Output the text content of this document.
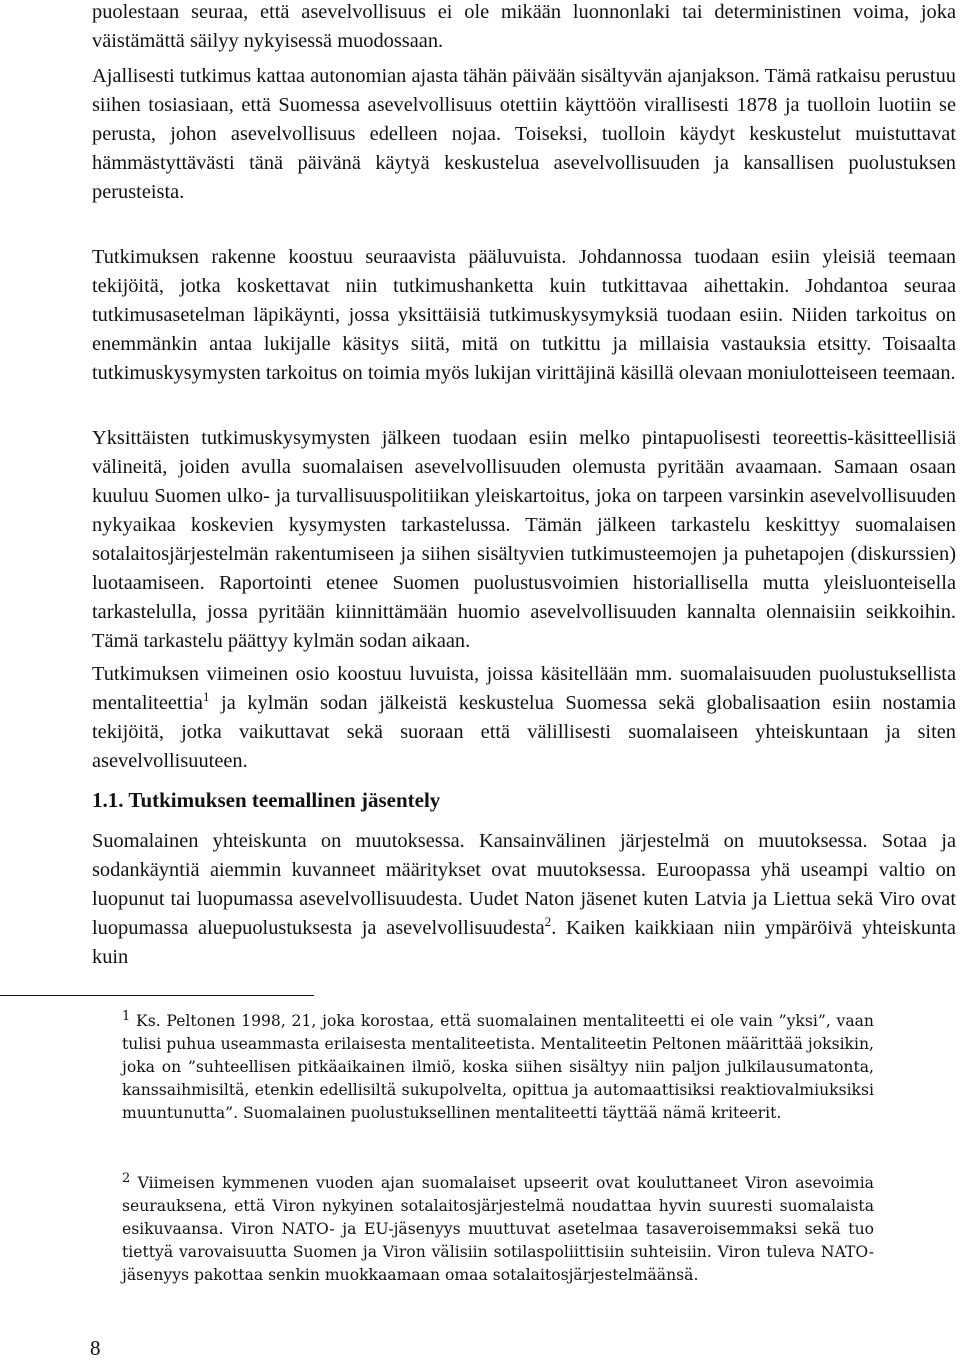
puolestaan seuraa, että asevelvollisuus ei ole mikään luonnonlaki tai deterministinen voima, joka väistämättä säilyy nykyisessä muodossaan.

Ajallisesti tutkimus kattaa autonomian ajasta tähän päivään sisältyvän ajanjakson. Tämä ratkaisu perustuu siihen tosiasiaan, että Suomessa asevelvollisuus otettiin käyttöön virallisesti 1878 ja tuolloin luotiin se perusta, johon asevelvollisuus edelleen nojaa. Toiseksi, tuolloin käydyt keskustelut muistuttavat hämmästyttävästi tänä päivänä käytyä keskustelua asevelvollisuuden ja kansallisen puolustuksen perusteista.

Tutkimuksen rakenne koostuu seuraavista pääluvuista. Johdannossa tuodaan esiin yleisiä teemaan tekijöitä, jotka koskettavat niin tutkimushanketta kuin tutkittavaa aihettakin. Johdantoa seuraa tutkimusasetelman läpikäynti, jossa yksittäisiä tutkimuskysymyksiä tuodaan esiin. Niiden tarkoitus on enemmänkin antaa lukijalle käsitys siitä, mitä on tutkittu ja millaisia vastauksia etsitty. Toisaalta tutkimuskysymysten tarkoitus on toimia myös lukijan virittäjinä käsillä olevaan moniulotteiseen teemaan.

Yksittäisten tutkimuskysymysten jälkeen tuodaan esiin melko pintapuolisesti teoreettis-käsitteellisiä välineitä, joiden avulla suomalaisen asevelvollisuuden olemusta pyritään avaamaan. Samaan osaan kuuluu Suomen ulko- ja turvallisuuspolitiikan yleiskartoitus, joka on tarpeen varsinkin asevelvollisuuden nykyaikaa koskevien kysymysten tarkastelussa. Tämän jälkeen tarkastelu keskittyy suomalaisen sotalaitosjärjestelmän rakentumiseen ja siihen sisältyvien tutkimusteemojen ja puhetapojen (diskurssien) luotaamiseen. Raportointi etenee Suomen puolustusvoimien historiallisella mutta yleisluonteisella tarkastelulla, jossa pyritään kiinnittämään huomio asevelvollisuuden kannalta olennaisiin seikkoihin. Tämä tarkastelu päättyy kylmän sodan aikaan.

Tutkimuksen viimeinen osio koostuu luvuista, joissa käsitellään mm. suomalaisuuden puolustuksellista mentaliteettia$^1$ ja kylmän sodan jälkeistä keskustelua Suomessa sekä globalisaation esiin nostamia tekijöitä, jotka vaikuttavat sekä suoraan että välillisesti suomalaiseen yhteiskuntaan ja siten asevelvollisuuteen.

1.1. Tutkimuksen teemallinen jäsentely

Suomalainen yhteiskunta on muutoksessa. Kansainvälinen järjestelmä on muutoksessa. Sotaa ja sodankäyntiä aiemmin kuvanneet määritykset ovat muutoksessa. Euroopassa yhä useampi valtio on luopunut tai luopumassa asevelvollisuudesta. Uudet Naton jäsenet kuten Latvia ja Liettua sekä Viro ovat luopumassa aluepuolustuksesta ja asevelvollisuudesta$^2$. Kaiken kaikkiaan niin ympäröivä yhteiskunta kuin

$^1$ Ks. Peltonen 1998, 21, joka korostaa, että suomalainen mentaliteetti ei ole vain ”yksi”, vaan tulisi puhua useammasta erilaisesta mentaliteetista. Mentaliteetin Peltonen määrittää joksikin, joka on ”suhteellisen pitkäaikainen ilmiö, koska siihen sisältyy niin paljon julkilausumatonta, kanssaihmisiltä, etenkin edellisiltä sukupolvelta, opittua ja automaattisiksi reaktiovalmiuksiksi muuntunutta”. Suomalainen puolustuksellinen mentaliteetti täyttää nämä kriteerit.

$^2$ Viimeisen kymmenen vuoden ajan suomalaiset upseerit ovat kouluttaneet Viron asevoimia seurauksena, että Viron nykyinen sotalaitosjärjestelmä noudattaa hyvin suuresti suomalaista esikuvaansa. Viron NATO- ja EU-jäsenyys muuttuvat asetelmaa tasaveroisemmaksi sekä tuo tiettyä varovaisuutta Suomen ja Viron välisiin sotilaspoliittisiin suhteisiin. Viron tuleva NATO-jäsenyys pakottaa senkin muokkaamaan omaa sotalaitosjärjestelmäänsä.

8
